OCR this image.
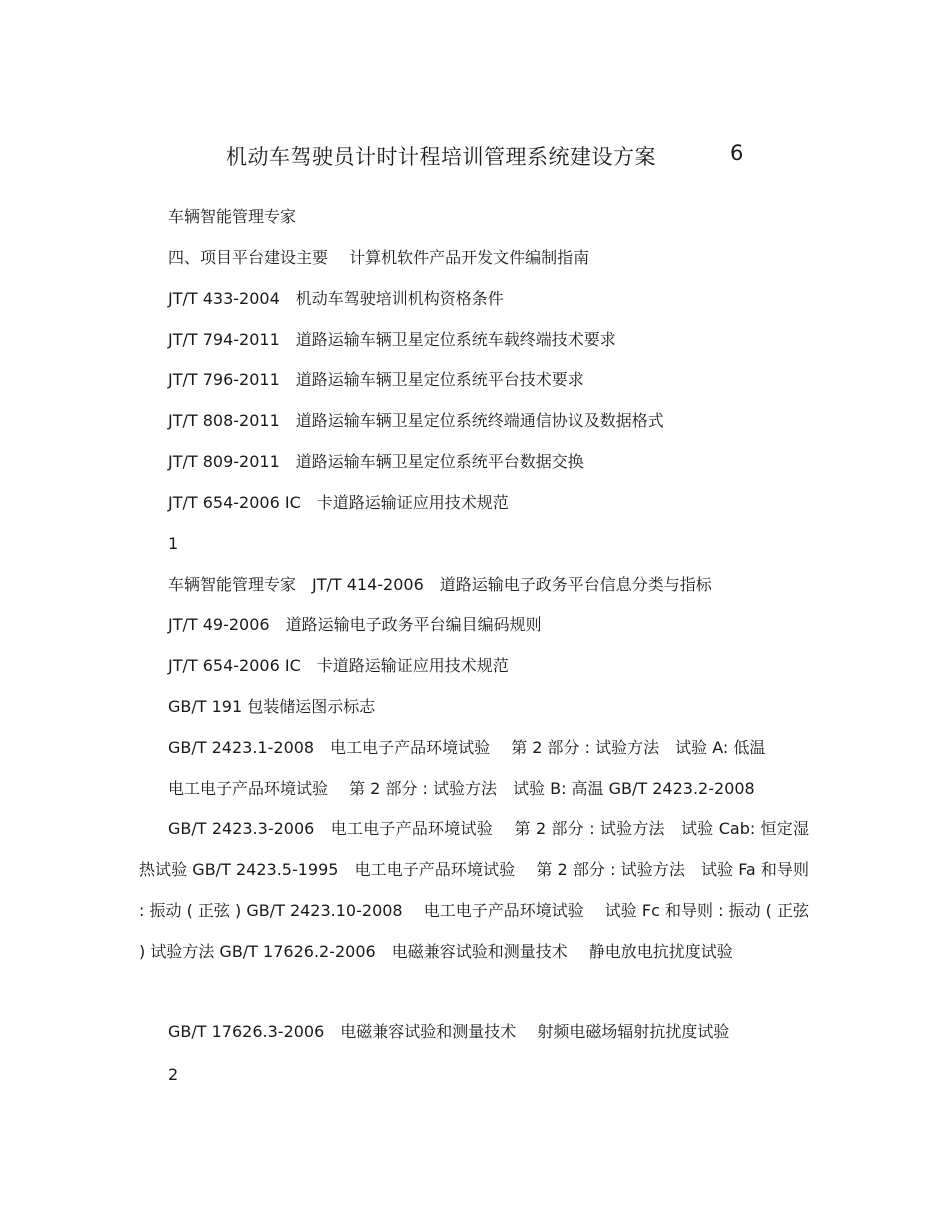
机动车驾驶员计时计程培训管理系统建设方案	6
车辆智能管理专家
四、项目平台建设主要　 计算机软件产品开发文件编制指南
JT/T 433-2004　机动车驾驶培训机构资格条件
JT/T 794-2011　道路运输车辆卫星定位系统车载终端技术要求
JT/T 796-2011　道路运输车辆卫星定位系统平台技术要求
JT/T 808-2011　道路运输车辆卫星定位系统终端通信协议及数据格式
JT/T 809-2011　道路运输车辆卫星定位系统平台数据交换
JT/T 654-2006 IC　卡道路运输证应用技术规范
1
车辆智能管理专家　JT/T 414-2006　道路运输电子政务平台信息分类与指标
JT/T 49-2006　道路运输电子政务平台编目编码规则
JT/T 654-2006 IC　卡道路运输证应用技术规范
GB/T 191 包装储运图示标志
GB/T 2423.1-2008　电工电子产品环境试验　 第 2 部分 : 试验方法　试验 A: 低温
电工电子产品环境试验　 第 2 部分 : 试验方法　试验 B: 高温 GB/T 2423.2-2008
GB/T 2423.3-2006　电工电子产品环境试验　 第 2 部分 : 试验方法　试验 Cab: 恒定湿热试验 GB/T 2423.5-1995　电工电子产品环境试验　 第 2 部分 : 试验方法　试验 Fa 和导则 : 振动 ( 正弦 ) GB/T 2423.10-2008　 电工电子产品环境试验　 试验 Fc 和导则 : 振动 ( 正弦 ) 试验方法 GB/T 17626.2-2006　电磁兼容试验和测量技术　 静电放电抗扰度试验
GB/T 17626.3-2006　电磁兼容试验和测量技术　 射频电磁场辐射抗扰度试验
2
